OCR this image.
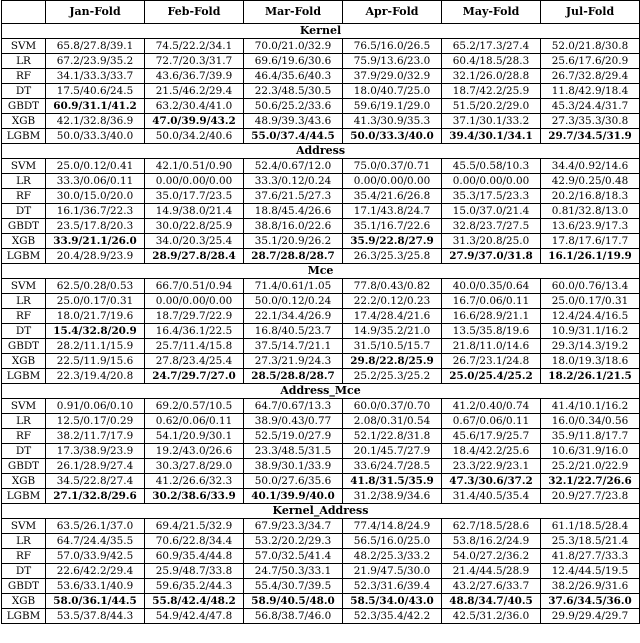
	Jan-Fold	Feb-Fold	Mar-Fold	Apr-Fold	May-Fold	Jul-Fold
Kernel						
SVM	65.8/27.8/39.1	74.5/22.2/34.1	70.0/21.0/32.9	76.5/16.0/26.5	65.2/17.3/27.4	52.0/21.8/30.8
LR	67.2/23.9/35.2	72.7/20.3/31.7	69.6/19.6/30.6	75.9/13.6/23.0	60.4/18.5/28.3	25.6/17.6/20.9
RF	34.1/33.3/33.7	43.6/36.7/39.9	46.4/35.6/40.3	37.9/29.0/32.9	32.1/26.0/28.8	26.7/32.8/29.4
DT	17.5/40.6/24.5	21.5/46.2/29.4	22.3/48.5/30.5	18.0/40.7/25.0	18.7/42.2/25.9	11.8/42.9/18.4
GBDT	60.9/31.1/41.2	63.2/30.4/41.0	50.6/25.2/33.6	59.6/19.1/29.0	51.5/20.2/29.0	45.3/24.4/31.7
XGB	42.1/32.8/36.9	47.0/39.9/43.2	48.9/39.3/43.6	41.3/30.9/35.3	37.1/30.1/33.2	27.3/35.3/30.8
LGBM	50.0/33.3/40.0	50.0/34.2/40.6	55.0/37.4/44.5	50.0/33.3/40.0	39.4/30.1/34.1	29.7/34.5/31.9
Address						
SVM	25.0/0.12/0.41	42.1/0.51/0.90	52.4/0.67/12.0	75.0/0.37/0.71	45.5/0.58/10.3	34.4/0.92/14.6
LR	33.3/0.06/0.11	0.00/0.00/0.00	33.3/0.12/0.24	0.00/0.00/0.00	0.00/0.00/0.00	42.9/0.25/0.48
RF	30.0/15.0/20.0	35.0/17.7/23.5	37.6/21.5/27.3	35.4/21.6/26.8	35.3/17.5/23.3	20.2/16.8/18.3
DT	16.1/36.7/22.3	14.9/38.0/21.4	18.8/45.4/26.6	17.1/43.8/24.7	15.0/37.0/21.4	0.81/32.8/13.0
GBDT	23.5/17.8/20.3	30.0/22.8/25.9	38.8/16.0/22.6	35.1/16.7/22.6	32.8/23.7/27.5	13.6/23.9/17.3
XGB	33.9/21.1/26.0	34.0/20.3/25.4	35.1/20.9/26.2	35.9/22.8/27.9	31.3/20.8/25.0	17.8/17.6/17.7
LGBM	20.4/28.9/23.9	28.9/27.8/28.4	28.7/28.8/28.7	26.3/25.3/25.8	27.9/37.0/31.8	16.1/26.1/19.9
Mce						
SVM	62.5/0.28/0.53	66.7/0.51/0.94	71.4/0.61/1.05	77.8/0.43/0.82	40.0/0.35/0.64	60.0/0.76/13.4
LR	25.0/0.17/0.31	0.00/0.00/0.00	50.0/0.12/0.24	22.2/0.12/0.23	16.7/0.06/0.11	25.0/0.17/0.31
RF	18.0/21.7/19.6	18.7/29.7/22.9	22.1/34.4/26.9	17.4/28.4/21.6	16.6/28.9/21.1	12.4/24.4/16.5
DT	15.4/32.8/20.9	16.4/36.1/22.5	16.8/40.5/23.7	14.9/35.2/21.0	13.5/35.8/19.6	10.9/31.1/16.2
GBDT	28.2/11.1/15.9	25.7/11.4/15.8	37.5/14.7/21.1	31.5/10.5/15.7	21.8/11.0/14.6	29.3/14.3/19.2
XGB	22.5/11.9/15.6	27.8/23.4/25.4	27.3/21.9/24.3	29.8/22.8/25.9	26.7/23.1/24.8	18.0/19.3/18.6
LGBM	22.3/19.4/20.8	24.7/29.7/27.0	28.5/28.8/28.7	25.2/25.3/25.2	25.0/25.4/25.2	18.2/26.1/21.5
Address_Mce						
SVM	0.91/0.06/0.10	69.2/0.57/10.5	64.7/0.67/13.3	60.0/0.37/0.70	41.2/0.40/0.74	41.4/10.1/16.2
LR	12.5/0.17/0.29	0.62/0.06/0.11	38.9/0.43/0.77	2.08/0.31/0.54	0.67/0.06/0.11	16.0/0.34/0.56
RF	38.2/11.7/17.9	54.1/20.9/30.1	52.5/19.0/27.9	52.1/22.8/31.8	45.6/17.9/25.7	35.9/11.8/17.7
DT	17.3/38.9/23.9	19.2/43.0/26.6	23.3/48.5/31.5	20.1/45.7/27.9	18.4/42.2/25.6	10.6/31.9/16.0
GBDT	26.1/28.9/27.4	30.3/27.8/29.0	38.9/30.1/33.9	33.6/24.7/28.5	23.3/22.9/23.1	25.2/21.0/22.9
XGB	34.5/22.8/27.4	41.2/26.6/32.3	50.0/27.6/35.6	41.8/31.5/35.9	47.3/30.6/37.2	32.1/22.7/26.6
LGBM	27.1/32.8/29.6	30.2/38.6/33.9	40.1/39.9/40.0	31.2/38.9/34.6	31.4/40.5/35.4	20.9/27.7/23.8
Kernel_Address						
SVM	63.5/26.1/37.0	69.4/21.5/32.9	67.9/23.3/34.7	77.4/14.8/24.9	62.7/18.5/28.6	61.1/18.5/28.4
LR	64.7/24.4/35.5	70.6/22.8/34.4	53.2/20.2/29.3	56.5/16.0/25.0	53.8/16.2/24.9	25.3/18.5/21.4
RF	57.0/33.9/42.5	60.9/35.4/44.8	57.0/32.5/41.4	48.2/25.3/33.2	54.0/27.2/36.2	41.8/27.7/33.3
DT	22.6/42.2/29.4	25.9/48.7/33.8	24.7/50.3/33.1	21.9/47.5/30.0	21.4/44.5/28.9	12.4/44.5/19.5
GBDT	53.6/33.1/40.9	59.6/35.2/44.3	55.4/30.7/39.5	52.3/31.6/39.4	43.2/27.6/33.7	38.2/26.9/31.6
XGB	58.0/36.1/44.5	55.8/42.4/48.2	58.9/40.5/48.0	58.5/34.0/43.0	48.8/34.7/40.5	37.6/34.5/36.0
LGBM	53.5/37.8/44.3	54.9/42.4/47.8	56.8/38.7/46.0	52.3/35.4/42.2	42.5/31.2/36.0	29.9/29.4/29.7
